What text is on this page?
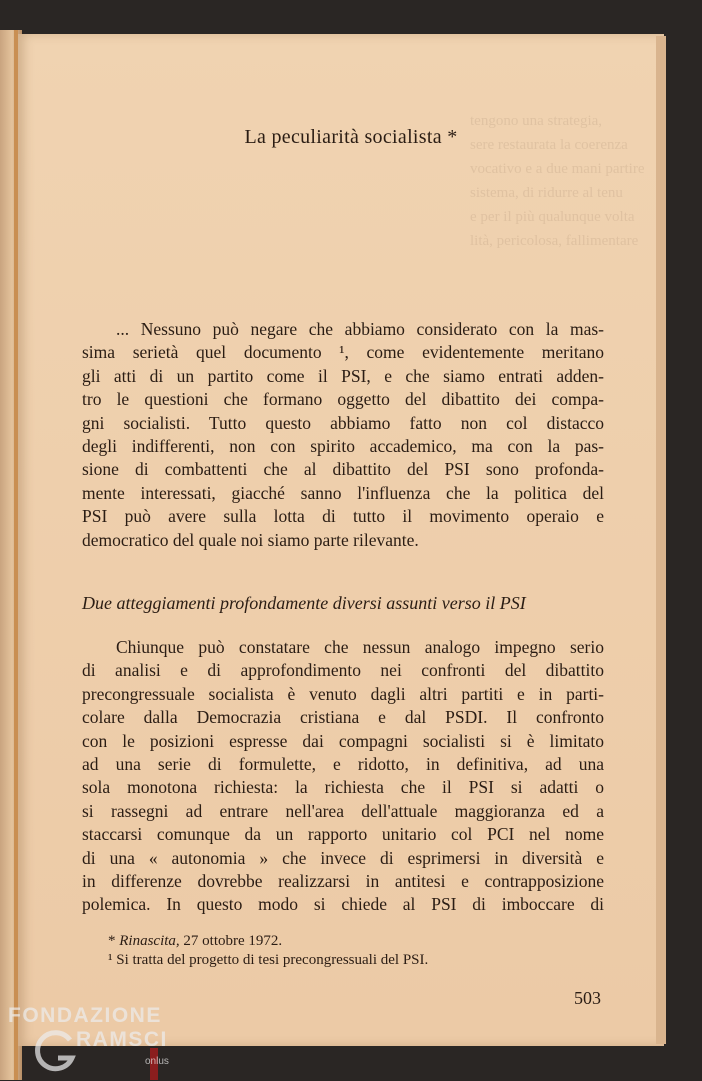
tengono una strategia,
sere restaurata la coerenza
vocativo e a due mani partire
sistema, di ridurre al tenu
e per il più qualunque volta
lità, pericolosa, fallimentare
La peculiarità socialista *

... Nessuno può negare che abbiamo considerato con la mas-
sima serietà quel documento ¹, come evidentemente meritano
gli atti di un partito come il PSI, e che siamo entrati adden-
tro le questioni che formano oggetto del dibattito dei compa-
gni socialisti. Tutto questo abbiamo fatto non col distacco
degli indifferenti, non con spirito accademico, ma con la pas-
sione di combattenti che al dibattito del PSI sono profonda-
mente interessati, giacché sanno l'influenza che la politica del
PSI può avere sulla lotta di tutto il movimento operaio e
democratico del quale noi siamo parte rilevante.

Due atteggiamenti profondamente diversi assunti verso il PSI

Chiunque può constatare che nessun analogo impegno serio
di analisi e di approfondimento nei confronti del dibattito
precongressuale socialista è venuto dagli altri partiti e in parti-
colare dalla Democrazia cristiana e dal PSDI. Il confronto
con le posizioni espresse dai compagni socialisti si è limitato
ad una serie di formulette, e ridotto, in definitiva, ad una
sola monotona richiesta: la richiesta che il PSI si adatti o
si rassegni ad entrare nell'area dell'attuale maggioranza ed a
staccarsi comunque da un rapporto unitario col PCI nel nome
di una « autonomia » che invece di esprimersi in diversità e
in differenze dovrebbe realizzarsi in antitesi e contrapposizione
polemica. In questo modo si chiede al PSI di imboccare di

* Rinascita, 27 ottobre 1972.
¹ Si tratta del progetto di tesi precongressuali del PSI.
503
FONDAZIONE
RAMSCI
onlus
